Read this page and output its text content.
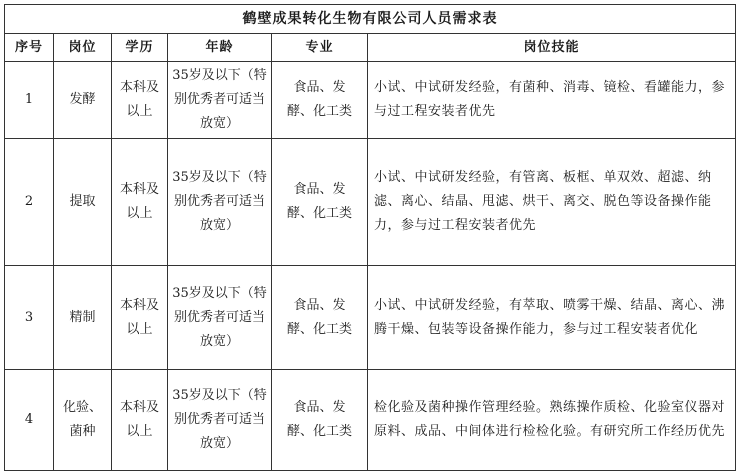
鹤壁成果转化生物有限公司人员需求表					
序号	岗位	学历	年龄	专业	岗位技能
1	发酵	本科及以上	35岁及以下（特别优秀者可适当放宽）	食品、发酵、化工类	小试、中试研发经验，有菌种、消毒、镜检、看罐能力，参与过工程安装者优先
2	提取	本科及以上	35岁及以下（特别优秀者可适当放宽）	食品、发酵、化工类	小试、中试研发经验，有管离、板框、单双效、超滤、纳滤、离心、结晶、甩滤、烘干、离交、脱色等设备操作能力，参与过工程安装者优先
3	精制	本科及以上	35岁及以下（特别优秀者可适当放宽）	食品、发酵、化工类	小试、中试研发经验，有萃取、喷雾干燥、结晶、离心、沸腾干燥、包装等设备操作能力，参与过工程安装者优化
4	化验、菌种	本科及以上	35岁及以下（特别优秀者可适当放宽）	食品、发酵、化工类	检化验及菌种操作管理经验。熟练操作质检、化验室仪器对原料、成品、中间体进行检检化验。有研究所工作经历优先
